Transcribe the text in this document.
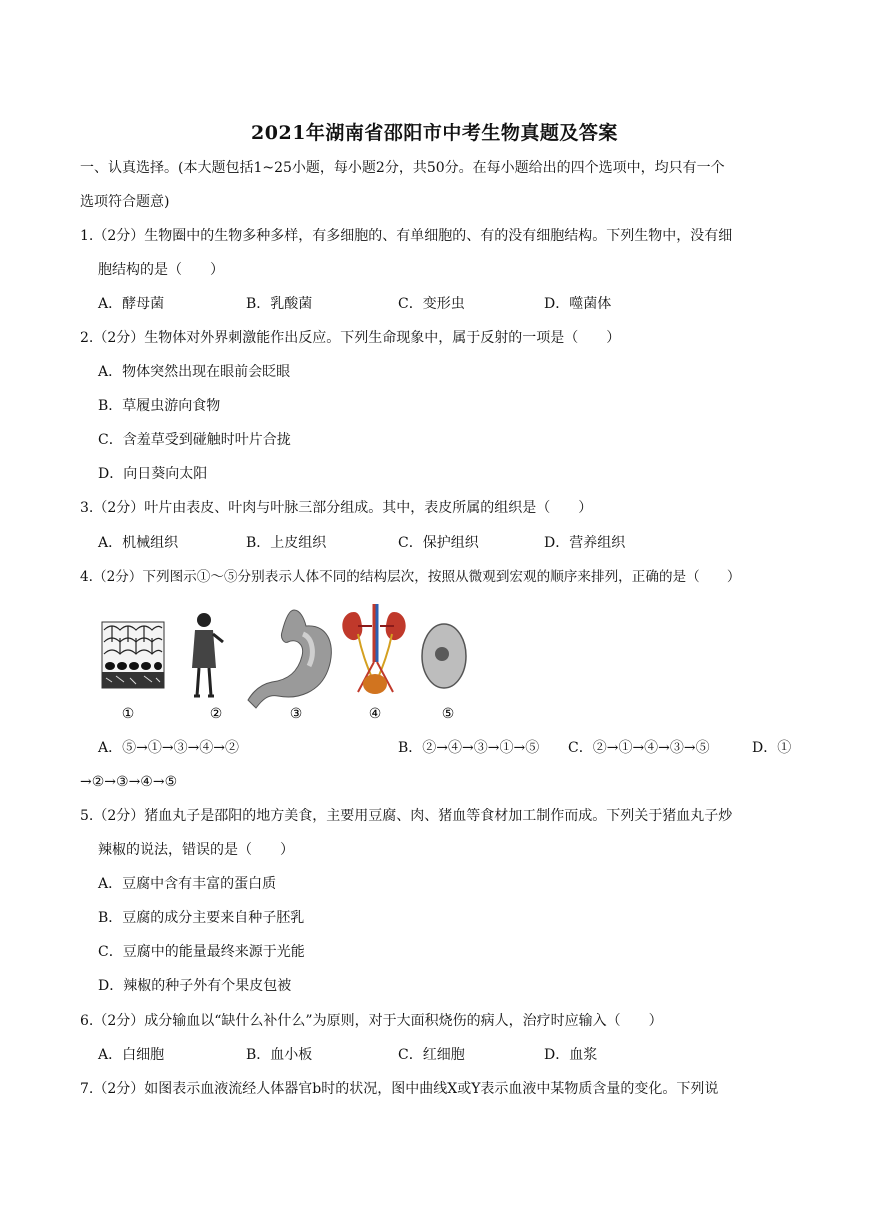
2021年湖南省邵阳市中考生物真题及答案
一、认真选择。(本大题包括1~25小题，每小题2分，共50分。在每小题给出的四个选项中，均只有一个
选项符合题意)
1.（2分）生物圈中的生物多种多样，有多细胞的、有单细胞的、有的没有细胞结构。下列生物中，没有细
胞结构的是（　　）
A．酵母菌	B．乳酸菌	C．变形虫	D．噬菌体
2.（2分）生物体对外界刺激能作出反应。下列生命现象中，属于反射的一项是（　　）
A．物体突然出现在眼前会眨眼
B．草履虫游向食物
C．含羞草受到碰触时叶片合拢
D．向日葵向太阳
3.（2分）叶片由表皮、叶肉与叶脉三部分组成。其中，表皮所属的组织是（　　）
A．机械组织	B．上皮组织	C．保护组织	D．营养组织
4.（2分）下列图示①～⑤分别表示人体不同的结构层次，按照从微观到宏观的顺序来排列，正确的是（　　）
①	②	③	④	⑤
A．⑤→①→③→④→②	B．②→④→③→①→⑤ C．②→①→④→③→⑤	D．①
→②→③→④→⑤
5.（2分）猪血丸子是邵阳的地方美食，主要用豆腐、肉、猪血等食材加工制作而成。下列关于猪血丸子炒
辣椒的说法，错误的是（　　）
A．豆腐中含有丰富的蛋白质
B．豆腐的成分主要来自种子胚乳
C．豆腐中的能量最终来源于光能
D．辣椒的种子外有个果皮包被
6.（2分）成分输血以“缺什么补什么”为原则，对于大面积烧伤的病人，治疗时应输入（　　）
A．白细胞	B．血小板	C．红细胞	D．血浆
7.（2分）如图表示血液流经人体器官b时的状况，图中曲线X或Y表示血液中某物质含量的变化。下列说
